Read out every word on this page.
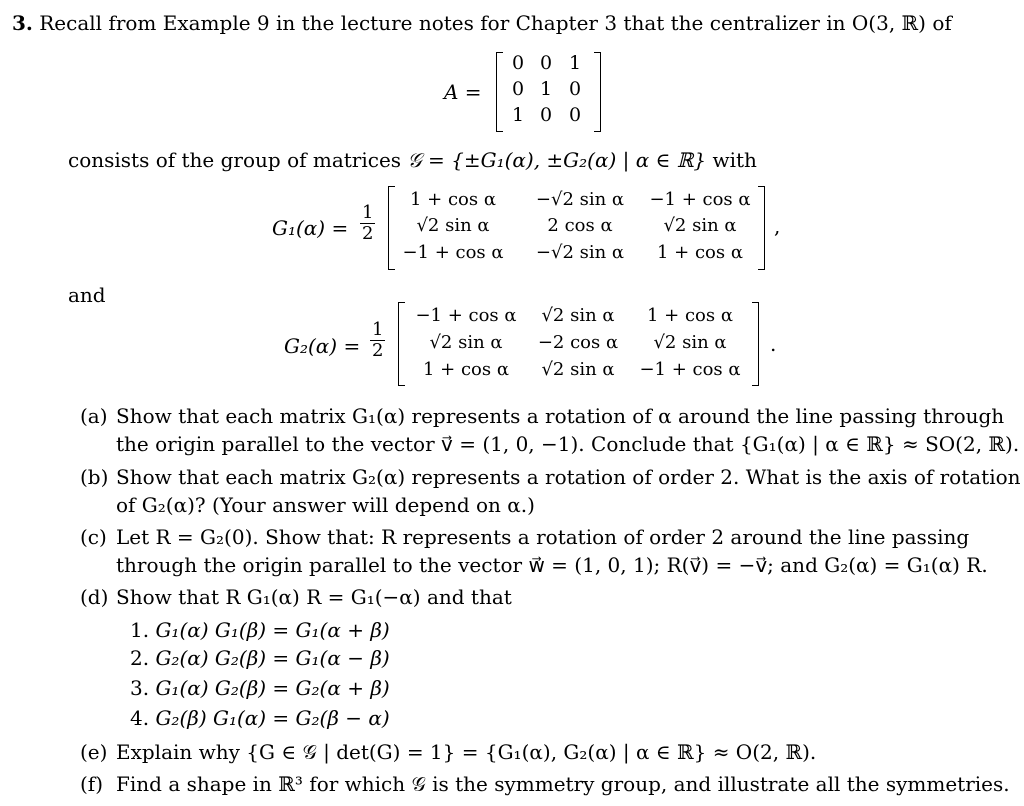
3. Recall from Example 9 in the lecture notes for Chapter 3 that the centralizer in O(3, ℝ) of
A =
0 0 1
0 1 0
1 0 0
consists of the group of matrices 𝒢 = {±G₁(α), ±G₂(α) | α ∈ ℝ} with
$G_1(\alpha) = \frac{1}{2}$
1 + cos α	−√2 sin α	−1 + cos α
√2 sin α	2 cos α	√2 sin α
−1 + cos α	−√2 sin α	1 + cos α
,
and
$G_2(\alpha) = \frac{1}{2}$
−1 + cos α	√2 sin α	1 + cos α
√2 sin α	−2 cos α	√2 sin α
1 + cos α	√2 sin α	−1 + cos α
.
(a) Show that each matrix G₁(α) represents a rotation of α around the line passing through
the origin parallel to the vector v⃗ = (1, 0, −1). Conclude that {G₁(α) | α ∈ ℝ} ≈ SO(2, ℝ).
(b) Show that each matrix G₂(α) represents a rotation of order 2. What is the axis of rotation
of G₂(α)? (Your answer will depend on α.)
(c) Let R = G₂(0). Show that: R represents a rotation of order 2 around the line passing
through the origin parallel to the vector w⃗ = (1, 0, 1); R(v⃗) = −v⃗; and G₂(α) = G₁(α) R.
(d) Show that R G₁(α) R = G₁(−α) and that
1. G₁(α) G₁(β) = G₁(α + β)
2. G₂(α) G₂(β) = G₁(α − β)
3. G₁(α) G₂(β) = G₂(α + β)
4. G₂(β) G₁(α) = G₂(β − α)
(e) Explain why {G ∈ 𝒢 | det(G) = 1} = {G₁(α), G₂(α) | α ∈ ℝ} ≈ O(2, ℝ).
(f) Find a shape in ℝ³ for which 𝒢 is the symmetry group, and illustrate all the symmetries.
